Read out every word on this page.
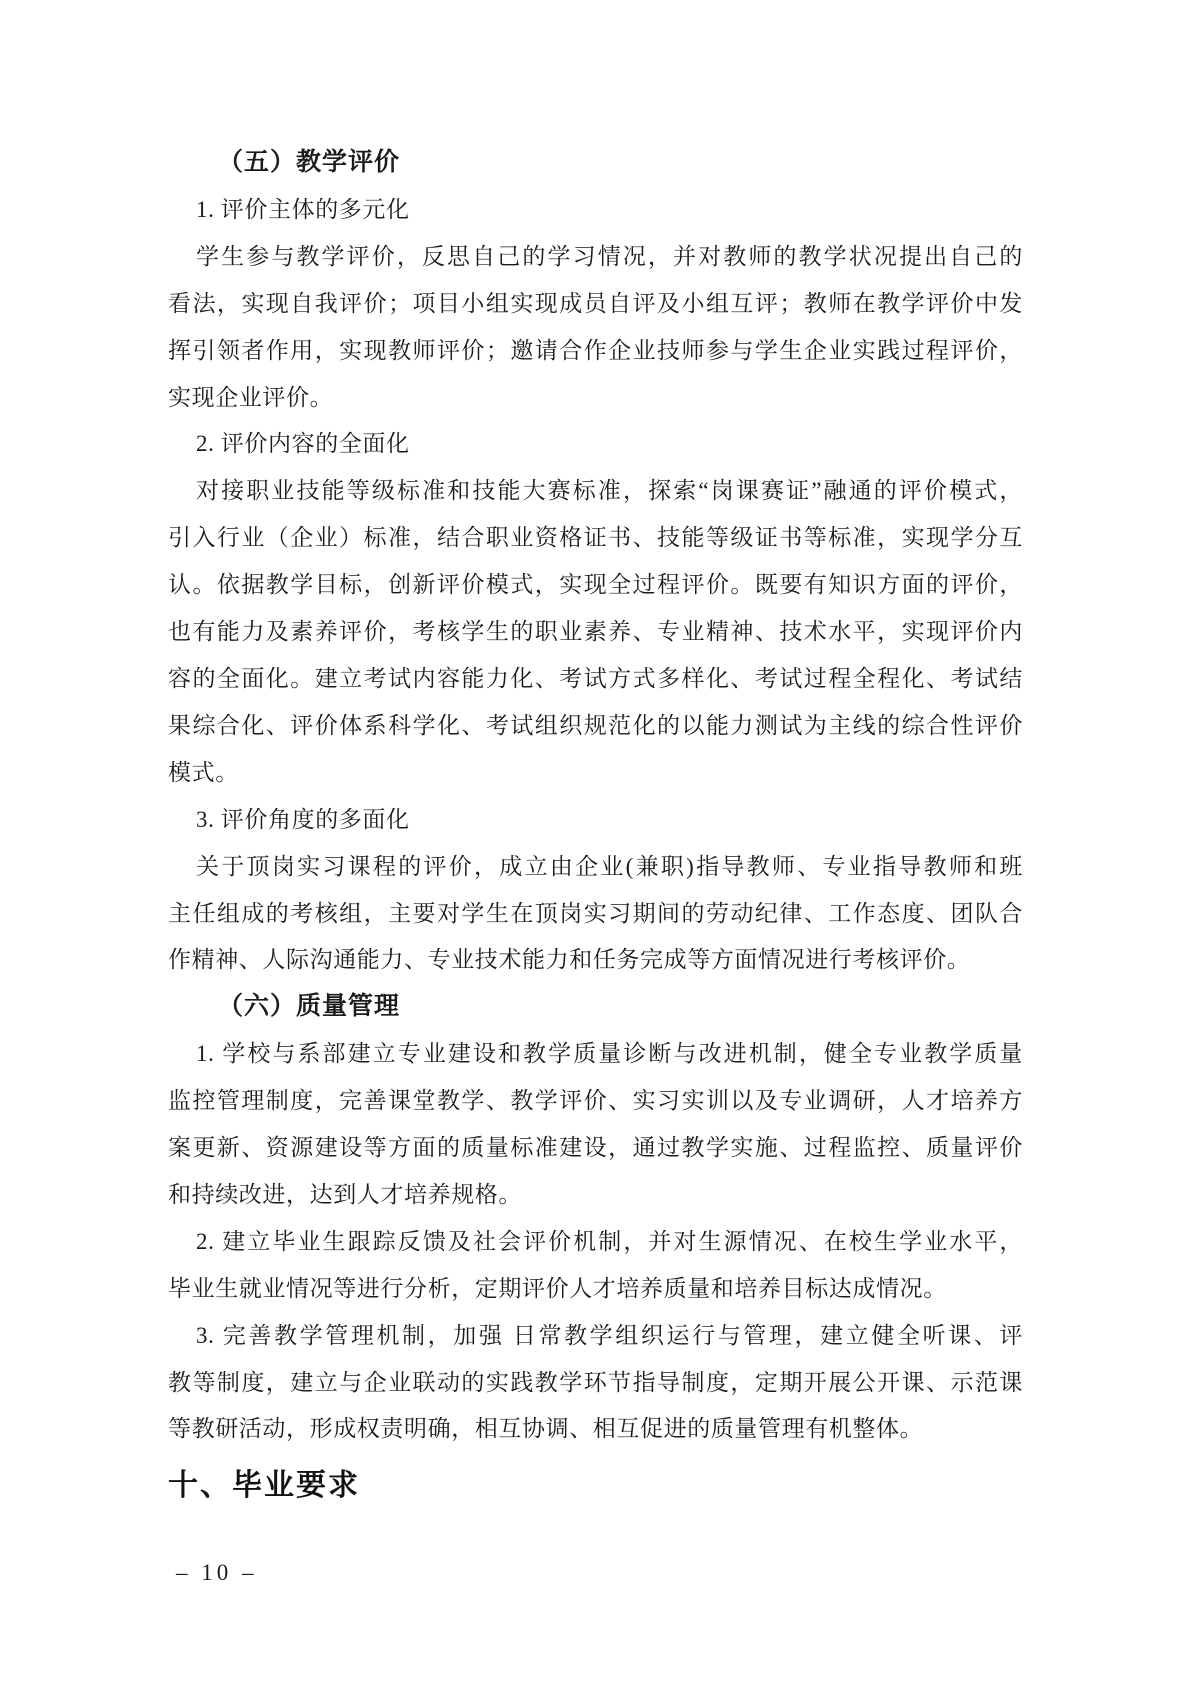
（五）教学评价
1. 评价主体的多元化
学生参与教学评价，反思自己的学习情况，并对教师的教学状况提出自己的
看法，实现自我评价；项目小组实现成员自评及小组互评；教师在教学评价中发
挥引领者作用，实现教师评价；邀请合作企业技师参与学生企业实践过程评价，
实现企业评价。
2. 评价内容的全面化
对接职业技能等级标准和技能大赛标准，探索“岗课赛证”融通的评价模式，
引入行业（企业）标准，结合职业资格证书、技能等级证书等标准，实现学分互
认。依据教学目标，创新评价模式，实现全过程评价。既要有知识方面的评价，
也有能力及素养评价，考核学生的职业素养、专业精神、技术水平，实现评价内
容的全面化。建立考试内容能力化、考试方式多样化、考试过程全程化、考试结
果综合化、评价体系科学化、考试组织规范化的以能力测试为主线的综合性评价
模式。
3. 评价角度的多面化
关于顶岗实习课程的评价，成立由企业(兼职)指导教师、专业指导教师和班
主任组成的考核组，主要对学生在顶岗实习期间的劳动纪律、工作态度、团队合
作精神、人际沟通能力、专业技术能力和任务完成等方面情况进行考核评价。
（六）质量管理
1. 学校与系部建立专业建设和教学质量诊断与改进机制，健全专业教学质量
监控管理制度，完善课堂教学、教学评价、实习实训以及专业调研，人才培养方
案更新、资源建设等方面的质量标准建设，通过教学实施、过程监控、质量评价
和持续改进，达到人才培养规格。
2. 建立毕业生跟踪反馈及社会评价机制，并对生源情况、在校生学业水平，
毕业生就业情况等进行分析，定期评价人才培养质量和培养目标达成情况。
3. 完善教学管理机制，加强 日常教学组织运行与管理，建立健全听课、评
教等制度，建立与企业联动的实践教学环节指导制度，定期开展公开课、示范课
等教研活动，形成权责明确，相互协调、相互促进的质量管理有机整体。
十、毕业要求
– 10 –
